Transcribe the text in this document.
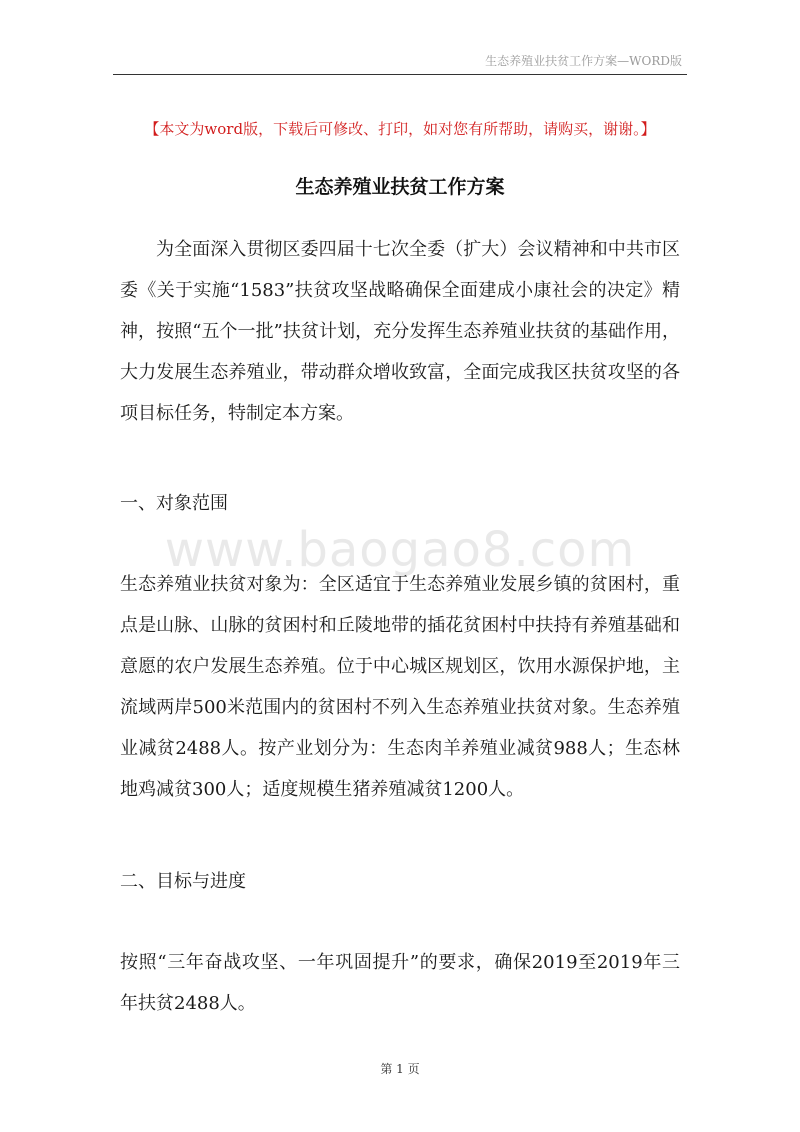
生态养殖业扶贫工作方案—WORD版
【本文为word版，下载后可修改、打印，如对您有所帮助，请购买，谢谢。】
生态养殖业扶贫工作方案

为全面深入贯彻区委四届十七次全委（扩大）会议精神和中共市区委《关于实施“1583”扶贫攻坚战略确保全面建成小康社会的决定》精神，按照“五个一批”扶贫计划，充分发挥生态养殖业扶贫的基础作用，大力发展生态养殖业，带动群众增收致富，全面完成我区扶贫攻坚的各项目标任务，特制定本方案。

一、对象范围
www.baogao8.com

生态养殖业扶贫对象为：全区适宜于生态养殖业发展乡镇的贫困村，重点是山脉、山脉的贫困村和丘陵地带的插花贫困村中扶持有养殖基础和意愿的农户发展生态养殖。位于中心城区规划区，饮用水源保护地，主流域两岸500米范围内的贫困村不列入生态养殖业扶贫对象。生态养殖业减贫2488人。按产业划分为：生态肉羊养殖业减贫988人；生态林地鸡减贫300人；适度规模生猪养殖减贫1200人。

二、目标与进度

按照“三年奋战攻坚、一年巩固提升”的要求，确保2019至2019年三年扶贫2488人。

第 1 页
